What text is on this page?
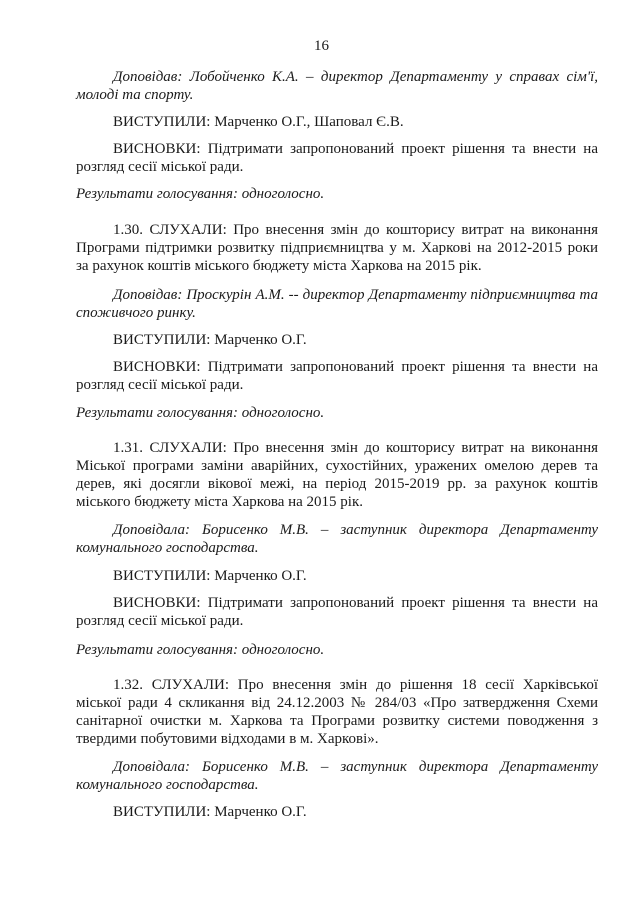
16

Доповідав: Лобойченко К.А. – директор Департаменту у справах сім'ї, молоді та спорту.

ВИСТУПИЛИ: Марченко О.Г., Шаповал Є.В.

ВИСНОВКИ: Підтримати запропонований проект рішення та внести на розгляд сесії міської ради.

Результати голосування: одноголосно.

1.30. СЛУХАЛИ: Про внесення змін до кошторису витрат на виконання Програми підтримки розвитку підприємництва у м. Харкові на 2012-2015 роки за рахунок коштів міського бюджету міста Харкова на 2015 рік.

Доповідав: Проскурін А.М. -- директор Департаменту підприємництва та споживчого ринку.

ВИСТУПИЛИ: Марченко О.Г.

ВИСНОВКИ: Підтримати запропонований проект рішення та внести на розгляд сесії міської ради.

Результати голосування: одноголосно.

1.31. СЛУХАЛИ: Про внесення змін до кошторису витрат на виконання Міської програми заміни аварійних, сухостійних, уражених омелою дерев та дерев, які досягли вікової межі, на період 2015-2019 рр. за рахунок коштів міського бюджету міста Харкова на 2015 рік.

Доповідала: Борисенко М.В. – заступник директора Департаменту комунального господарства.

ВИСТУПИЛИ: Марченко О.Г.

ВИСНОВКИ: Підтримати запропонований проект рішення та внести на розгляд сесії міської ради.

Результати голосування: одноголосно.

1.32. СЛУХАЛИ: Про внесення змін до рішення 18 сесії Харківської міської ради 4 скликання від 24.12.2003 № 284/03 «Про затвердження Схеми санітарної очистки м. Харкова та Програми розвитку системи поводження з твердими побутовими відходами в м. Харкові».

Доповідала: Борисенко М.В. – заступник директора Департаменту комунального господарства.

ВИСТУПИЛИ: Марченко О.Г.
